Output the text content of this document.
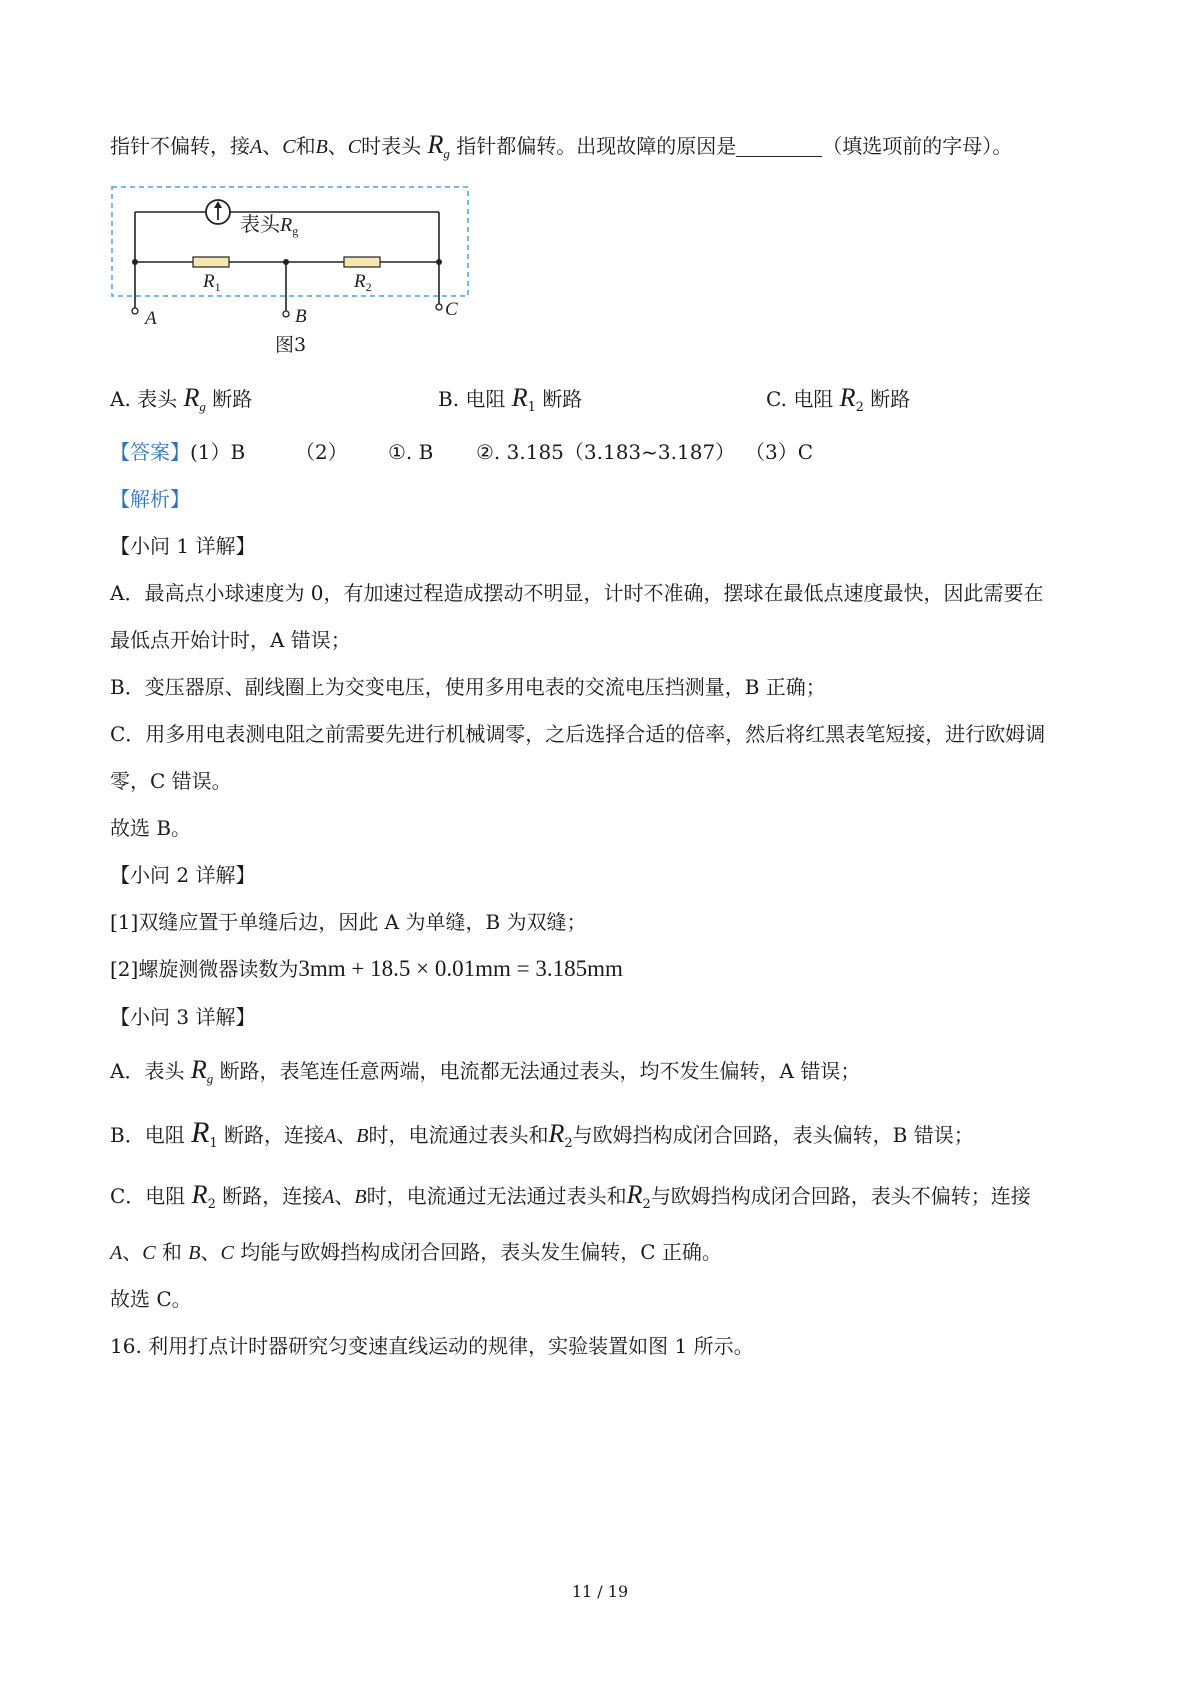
指针不偏转，接A、C和B、C时表头 $R_g$ 指针都偏转。出现故障的原因是	（填选项前的字母）。
表头$R_g$
$R_1$	$R_2$
A	B	C
图3
A. 表头 $R_g$ 断路	B. 电阻 $R_1$ 断路	C. 电阻 $R_2$ 断路
【答案】 (1）B （2） ①. B ②. 3.185（3.183~3.187） （3）C
【解析】
【小问 1 详解】
A．最高点小球速度为 0，有加速过程造成摆动不明显，计时不准确，摆球在最低点速度最快，因此需要在
最低点开始计时，A 错误；
B．变压器原、副线圈上为交变电压，使用多用电表的交流电压挡测量，B 正确；
C．用多用电表测电阻之前需要先进行机械调零，之后选择合适的倍率，然后将红黑表笔短接，进行欧姆调
零，C 错误。
故选 B。
【小问 2 详解】
[1]双缝应置于单缝后边，因此 A 为单缝，B 为双缝；
[2]螺旋测微器读数为3mm + 18.5 × 0.01mm = 3.185mm
【小问 3 详解】
A．表头 $R_g$ 断路，表笔连任意两端，电流都无法通过表头，均不发生偏转，A 错误；
B．电阻 $R_1$ 断路，连接A、B时，电流通过表头和$R_2$与欧姆挡构成闭合回路，表头偏转，B 错误；
C．电阻 $R_2$ 断路，连接A、B时，电流通过无法通过表头和$R_2$与欧姆挡构成闭合回路，表头不偏转；连接
A、C 和 B、C 均能与欧姆挡构成闭合回路，表头发生偏转，C 正确。
故选 C。
16. 利用打点计时器研究匀变速直线运动的规律，实验装置如图 1 所示。
11 / 19
